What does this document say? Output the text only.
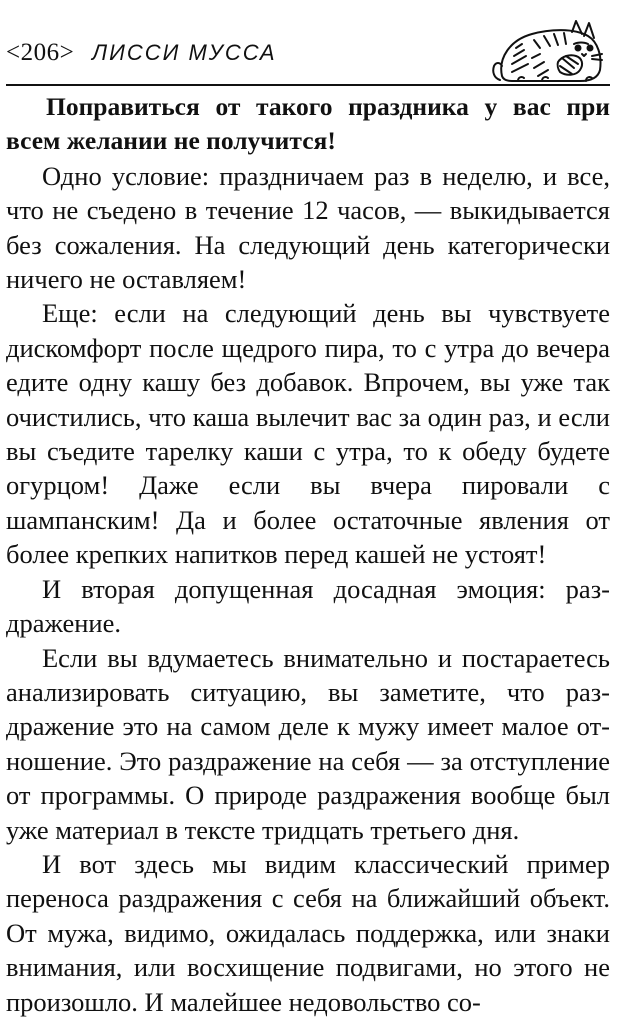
<206> ЛИССИ МУССА

Поправиться от такого праздника у вас при всем желании не получится!

Одно условие: праздничаем раз в неделю, и все, что не съедено в течение 12 часов, — выкидывается без сожаления. На следующий день категорически ничего не оставляем!

Еще: если на следующий день вы чувствуете дискомфорт после щедрого пира, то с утра до вечера едите одну кашу без добавок. Впрочем, вы уже так очистились, что каша вылечит вас за один раз, и если вы съедите тарелку каши с утра, то к обеду будете огурцом! Даже если вы вчера пировали с шампанским! Да и более остаточные явления от более крепких напитков перед кашей не устоят!

И вторая допущенная досадная эмоция: раздражение.

Если вы вдумаетесь внимательно и постараетесь анализировать ситуацию, вы заметите, что раздражение это на самом деле к мужу имеет малое отношение. Это раздражение на себя — за отступление от программы. О природе раздражения вообще был уже материал в тексте тридцать третьего дня.

И вот здесь мы видим классический пример переноса раздражения с себя на ближайший объект. От мужа, видимо, ожидалась поддержка, или знаки внимания, или восхищение подвигами, но этого не произошло. И малейшее недовольство со-
